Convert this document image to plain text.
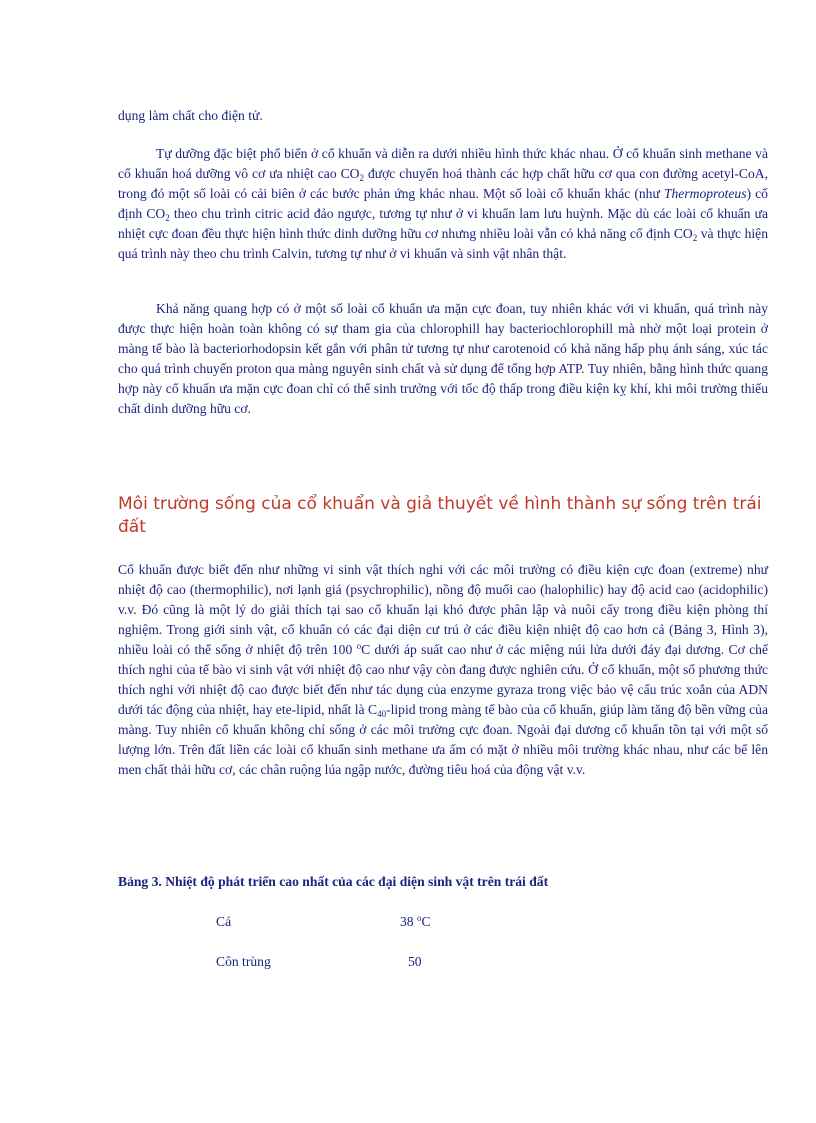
dụng làm chất cho điện tử.

Tự dưỡng đặc biệt phổ biến ở cổ khuẩn và diễn ra dưới nhiều hình thức khác nhau. Ở cổ khuẩn sinh methane và cổ khuẩn hoá dưỡng vô cơ ưa nhiệt cao $CO_2$ được chuyển hoá thành các hợp chất hữu cơ qua con đường acetyl-CoA, trong đó một số loài có cải biên ở các bước phản ứng khác nhau. Một số loài cổ khuẩn khác (như Thermoproteus) cố định $CO_2$ theo chu trình citric acid đảo ngược, tương tự như ở vi khuẩn lam lưu huỳnh. Mặc dù các loài cổ khuẩn ưa nhiệt cực đoan đều thực hiện hình thức dinh dưỡng hữu cơ nhưng nhiều loài vẫn có khả năng cố định $CO_2$ và thực hiện quá trình này theo chu trình Calvin, tương tự như ở vi khuẩn và sinh vật nhân thật.

Khả năng quang hợp có ở một số loài cổ khuẩn ưa mặn cực đoan, tuy nhiên khác với vi khuẩn, quá trình này được thực hiện hoàn toàn không có sự tham gia của chlorophill hay bacteriochlorophill mà nhờ một loại protein ở màng tế bào là bacteriorhodopsin kết gắn với phân tử tương tự như carotenoid có khả năng hấp phụ ánh sáng, xúc tác cho quá trình chuyển proton qua màng nguyên sinh chất và sử dụng để tổng hợp ATP. Tuy nhiên, bằng hình thức quang hợp này cổ khuẩn ưa mặn cực đoan chỉ có thể sinh trưởng với tốc độ thấp trong điều kiện kỵ khí, khi môi trường thiếu chất dinh dưỡng hữu cơ.

Môi trường sống của cổ khuẩn và giả thuyết về hình thành sự sống trên trái đất

Cổ khuẩn được biết đến như những vi sinh vật thích nghi với các môi trường có điều kiện cực đoan (extreme) như nhiệt độ cao (thermophilic), nơi lạnh giá (psychrophilic), nồng độ muối cao (halophilic) hay độ acid cao (acidophilic) v.v. Đó cũng là một lý do giải thích tại sao cổ khuẩn lại khó được phân lập và nuôi cấy trong điều kiện phòng thí nghiệm. Trong giới sinh vật, cổ khuẩn có các đại diện cư trú ở các điều kiện nhiệt độ cao hơn cả (Bảng 3, Hình 3), nhiều loài có thể sống ở nhiệt độ trên 100 $^o$C dưới áp suất cao như ở các miệng núi lửa dưới đáy đại dương. Cơ chế thích nghi của tế bào vi sinh vật với nhiệt độ cao như vậy còn đang được nghiên cứu. Ở cổ khuẩn, một số phương thức thích nghi với nhiệt độ cao được biết đến như tác dụng của enzyme gyraza trong việc bảo vệ cấu trúc xoắn của ADN dưới tác động của nhiệt, hay ete-lipid, nhất là $C_{40}$-lipid trong màng tế bào của cổ khuẩn, giúp làm tăng độ bền vững của màng. Tuy nhiên cổ khuẩn không chỉ sống ở các môi trường cực đoan. Ngoài đại dương cổ khuẩn tồn tại với một số lượng lớn. Trên đất liền các loài cổ khuẩn sinh methane ưa ấm có mặt ở nhiều môi trường khác nhau, như các bể lên men chất thải hữu cơ, các chân ruộng lúa ngập nước, đường tiêu hoá của động vật v.v.

Bảng 3. Nhiệt độ phát triển cao nhất của các đại diện sinh vật trên trái đất
Cá	38 $^o$C
Côn trùng	50
